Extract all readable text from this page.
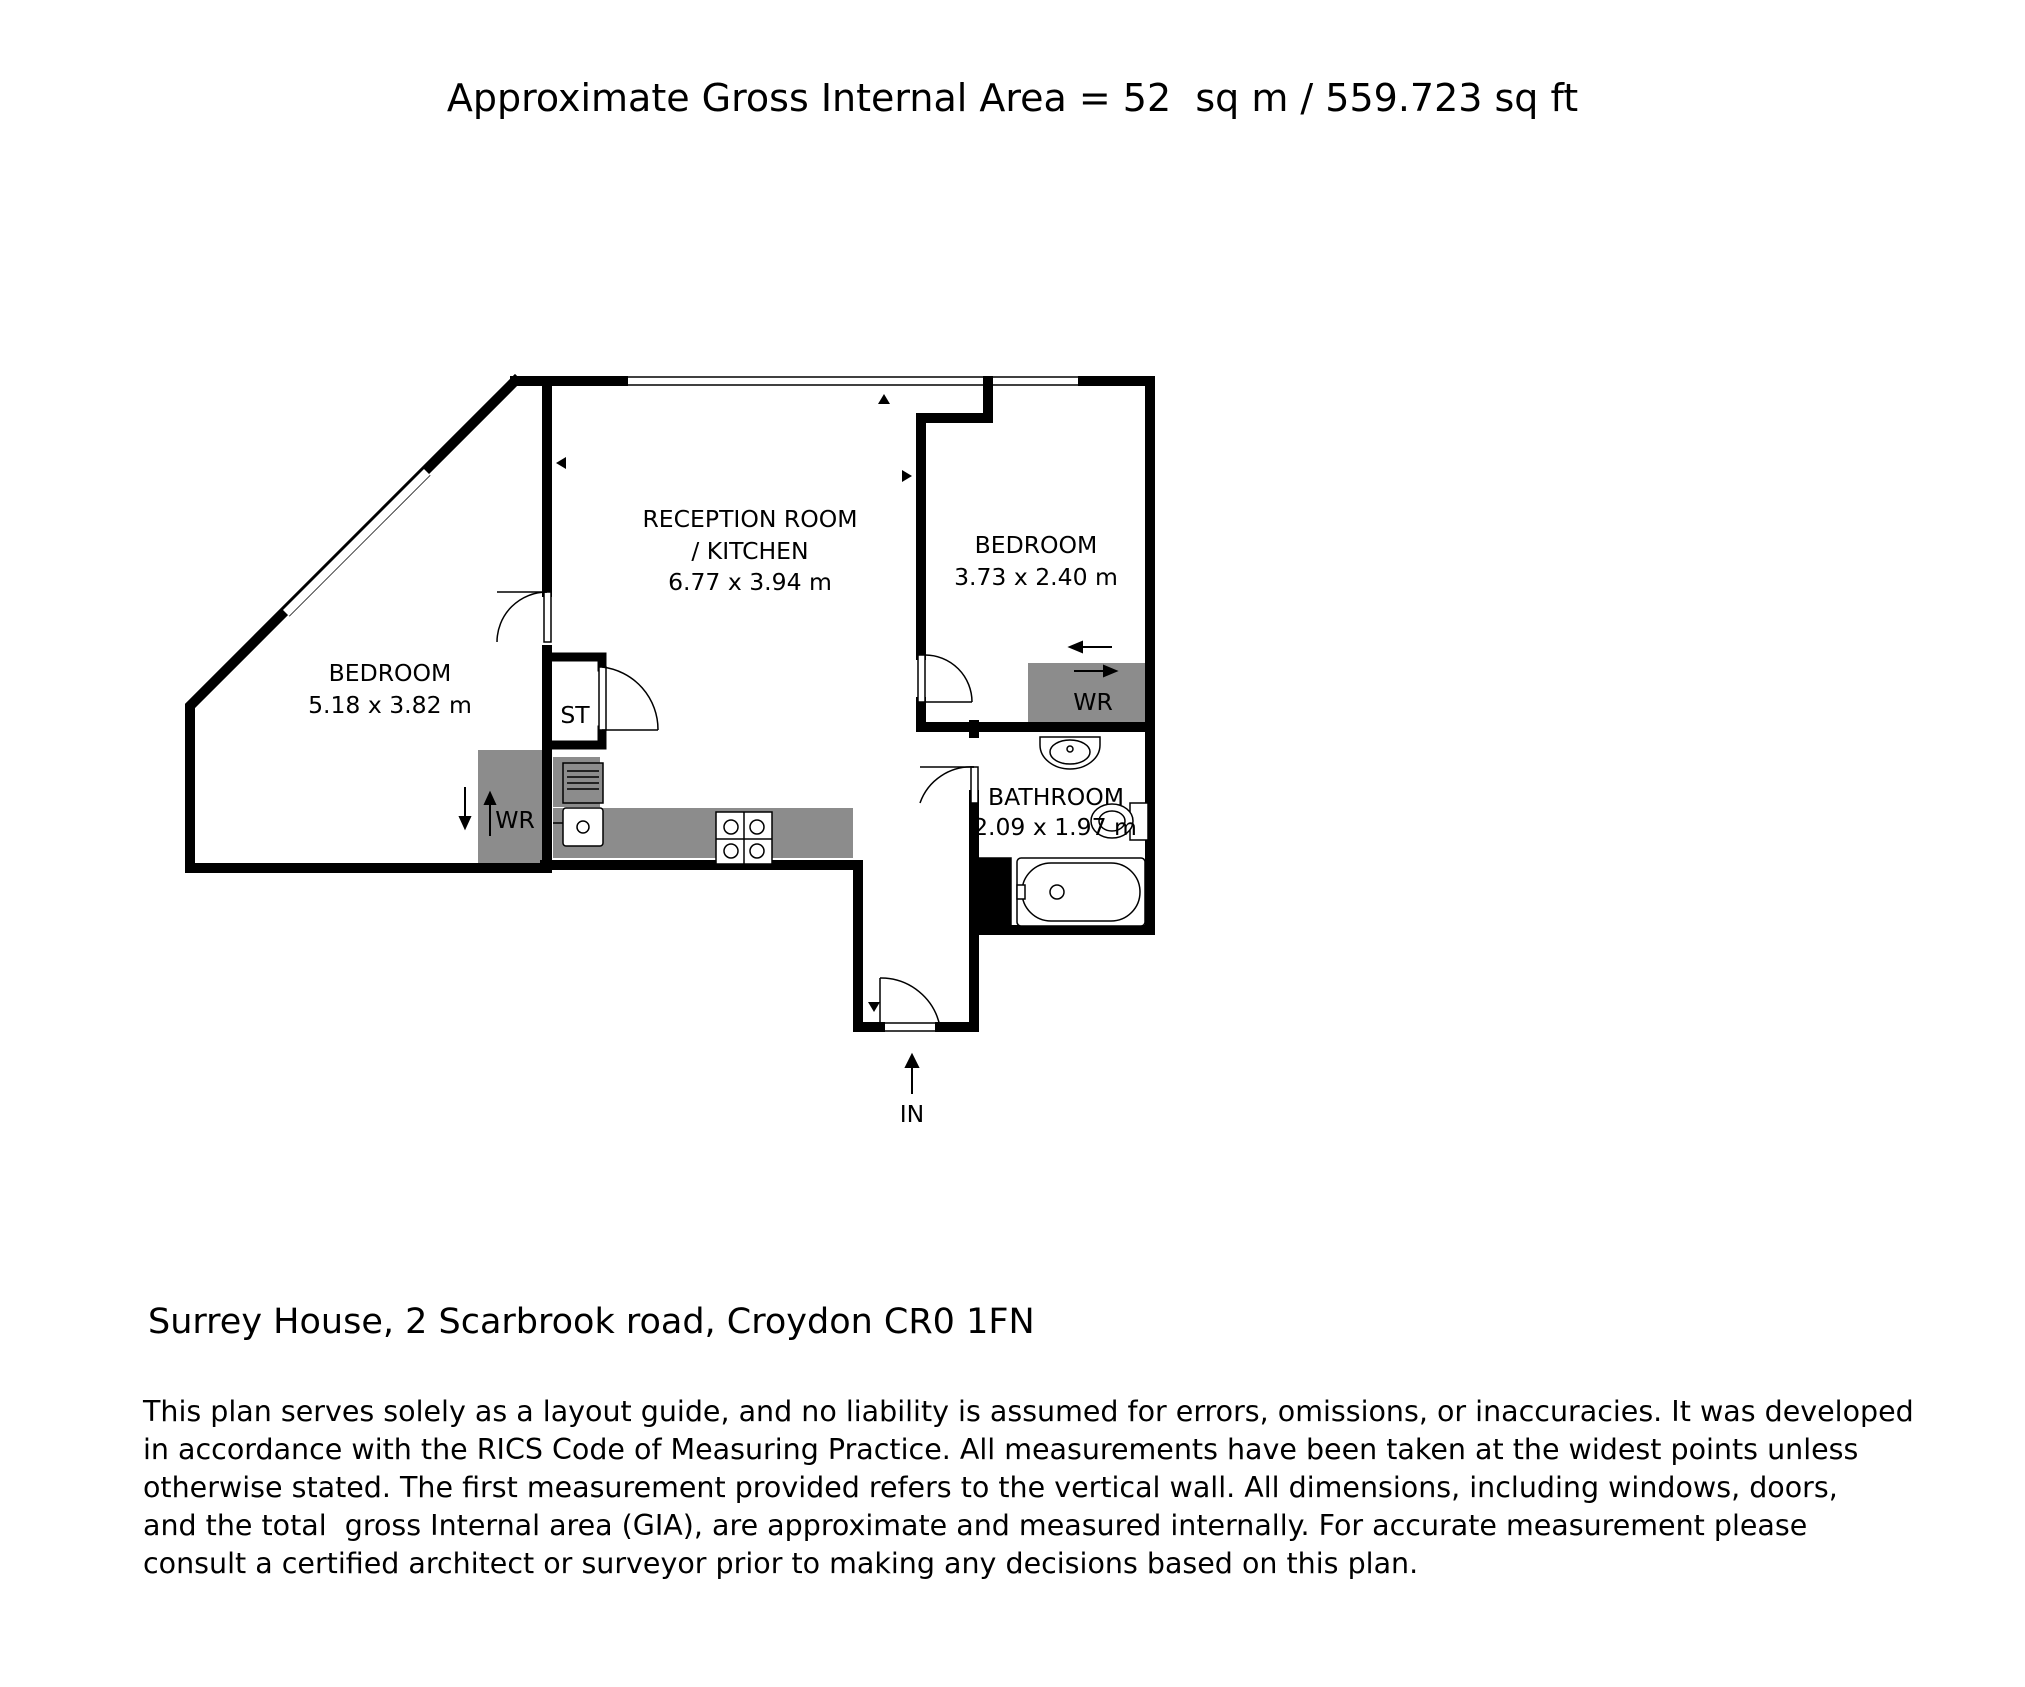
Approximate Gross Internal Area = 52  sq m / 559.723 sq ft
RECEPTION ROOM
/ KITCHEN
6.77 x 3.94 m
BEDROOM
3.73 x 2.40 m
BEDROOM
5.18 x 3.82 m
BATHROOM
2.09 x 1.97 m
ST
WR
WR
IN
Surrey House, 2 Scarbrook road, Croydon CR0 1FN
This plan serves solely as a layout guide, and no liability is assumed for errors, omissions, or inaccuracies. It was developed
in accordance with the RICS Code of Measuring Practice. All measurements have been taken at the widest points unless
otherwise stated. The first measurement provided refers to the vertical wall. All dimensions, including windows, doors,
and the total  gross Internal area (GIA), are approximate and measured internally. For accurate measurement please
consult a certified architect or surveyor prior to making any decisions based on this plan.
